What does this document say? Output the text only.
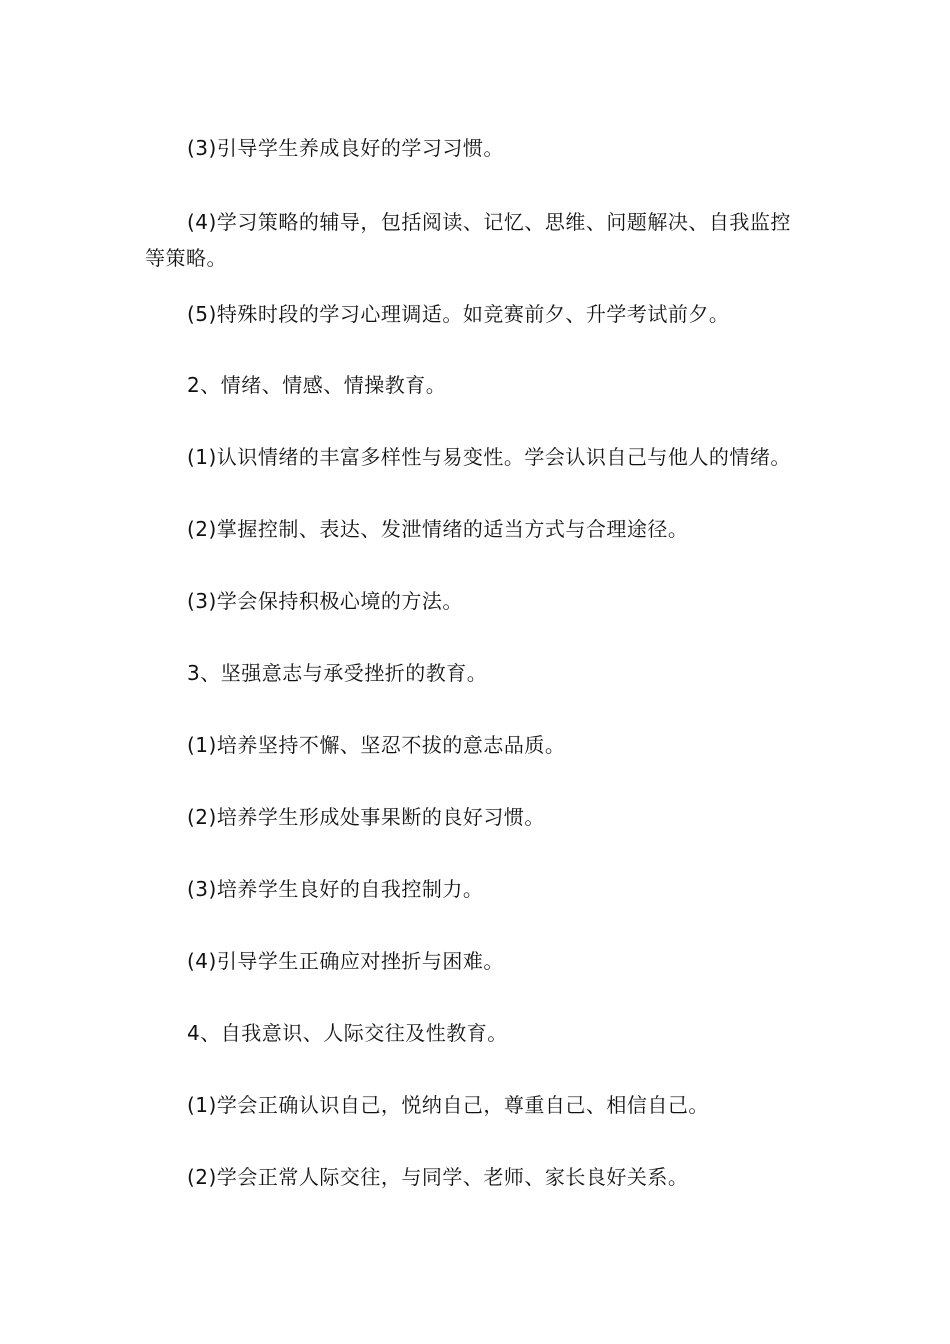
(3)引导学生养成良好的学习习惯。

(4)学习策略的辅导，包括阅读、记忆、思维、问题解决、自我监控等策略。

(5)特殊时段的学习心理调适。如竞赛前夕、升学考试前夕。

2、情绪、情感、情操教育。

(1)认识情绪的丰富多样性与易变性。学会认识自己与他人的情绪。

(2)掌握控制、表达、发泄情绪的适当方式与合理途径。

(3)学会保持积极心境的方法。

3、坚强意志与承受挫折的教育。

(1)培养坚持不懈、坚忍不拔的意志品质。

(2)培养学生形成处事果断的良好习惯。

(3)培养学生良好的自我控制力。

(4)引导学生正确应对挫折与困难。

4、自我意识、人际交往及性教育。

(1)学会正确认识自己，悦纳自己，尊重自己、相信自己。

(2)学会正常人际交往，与同学、老师、家长良好关系。
